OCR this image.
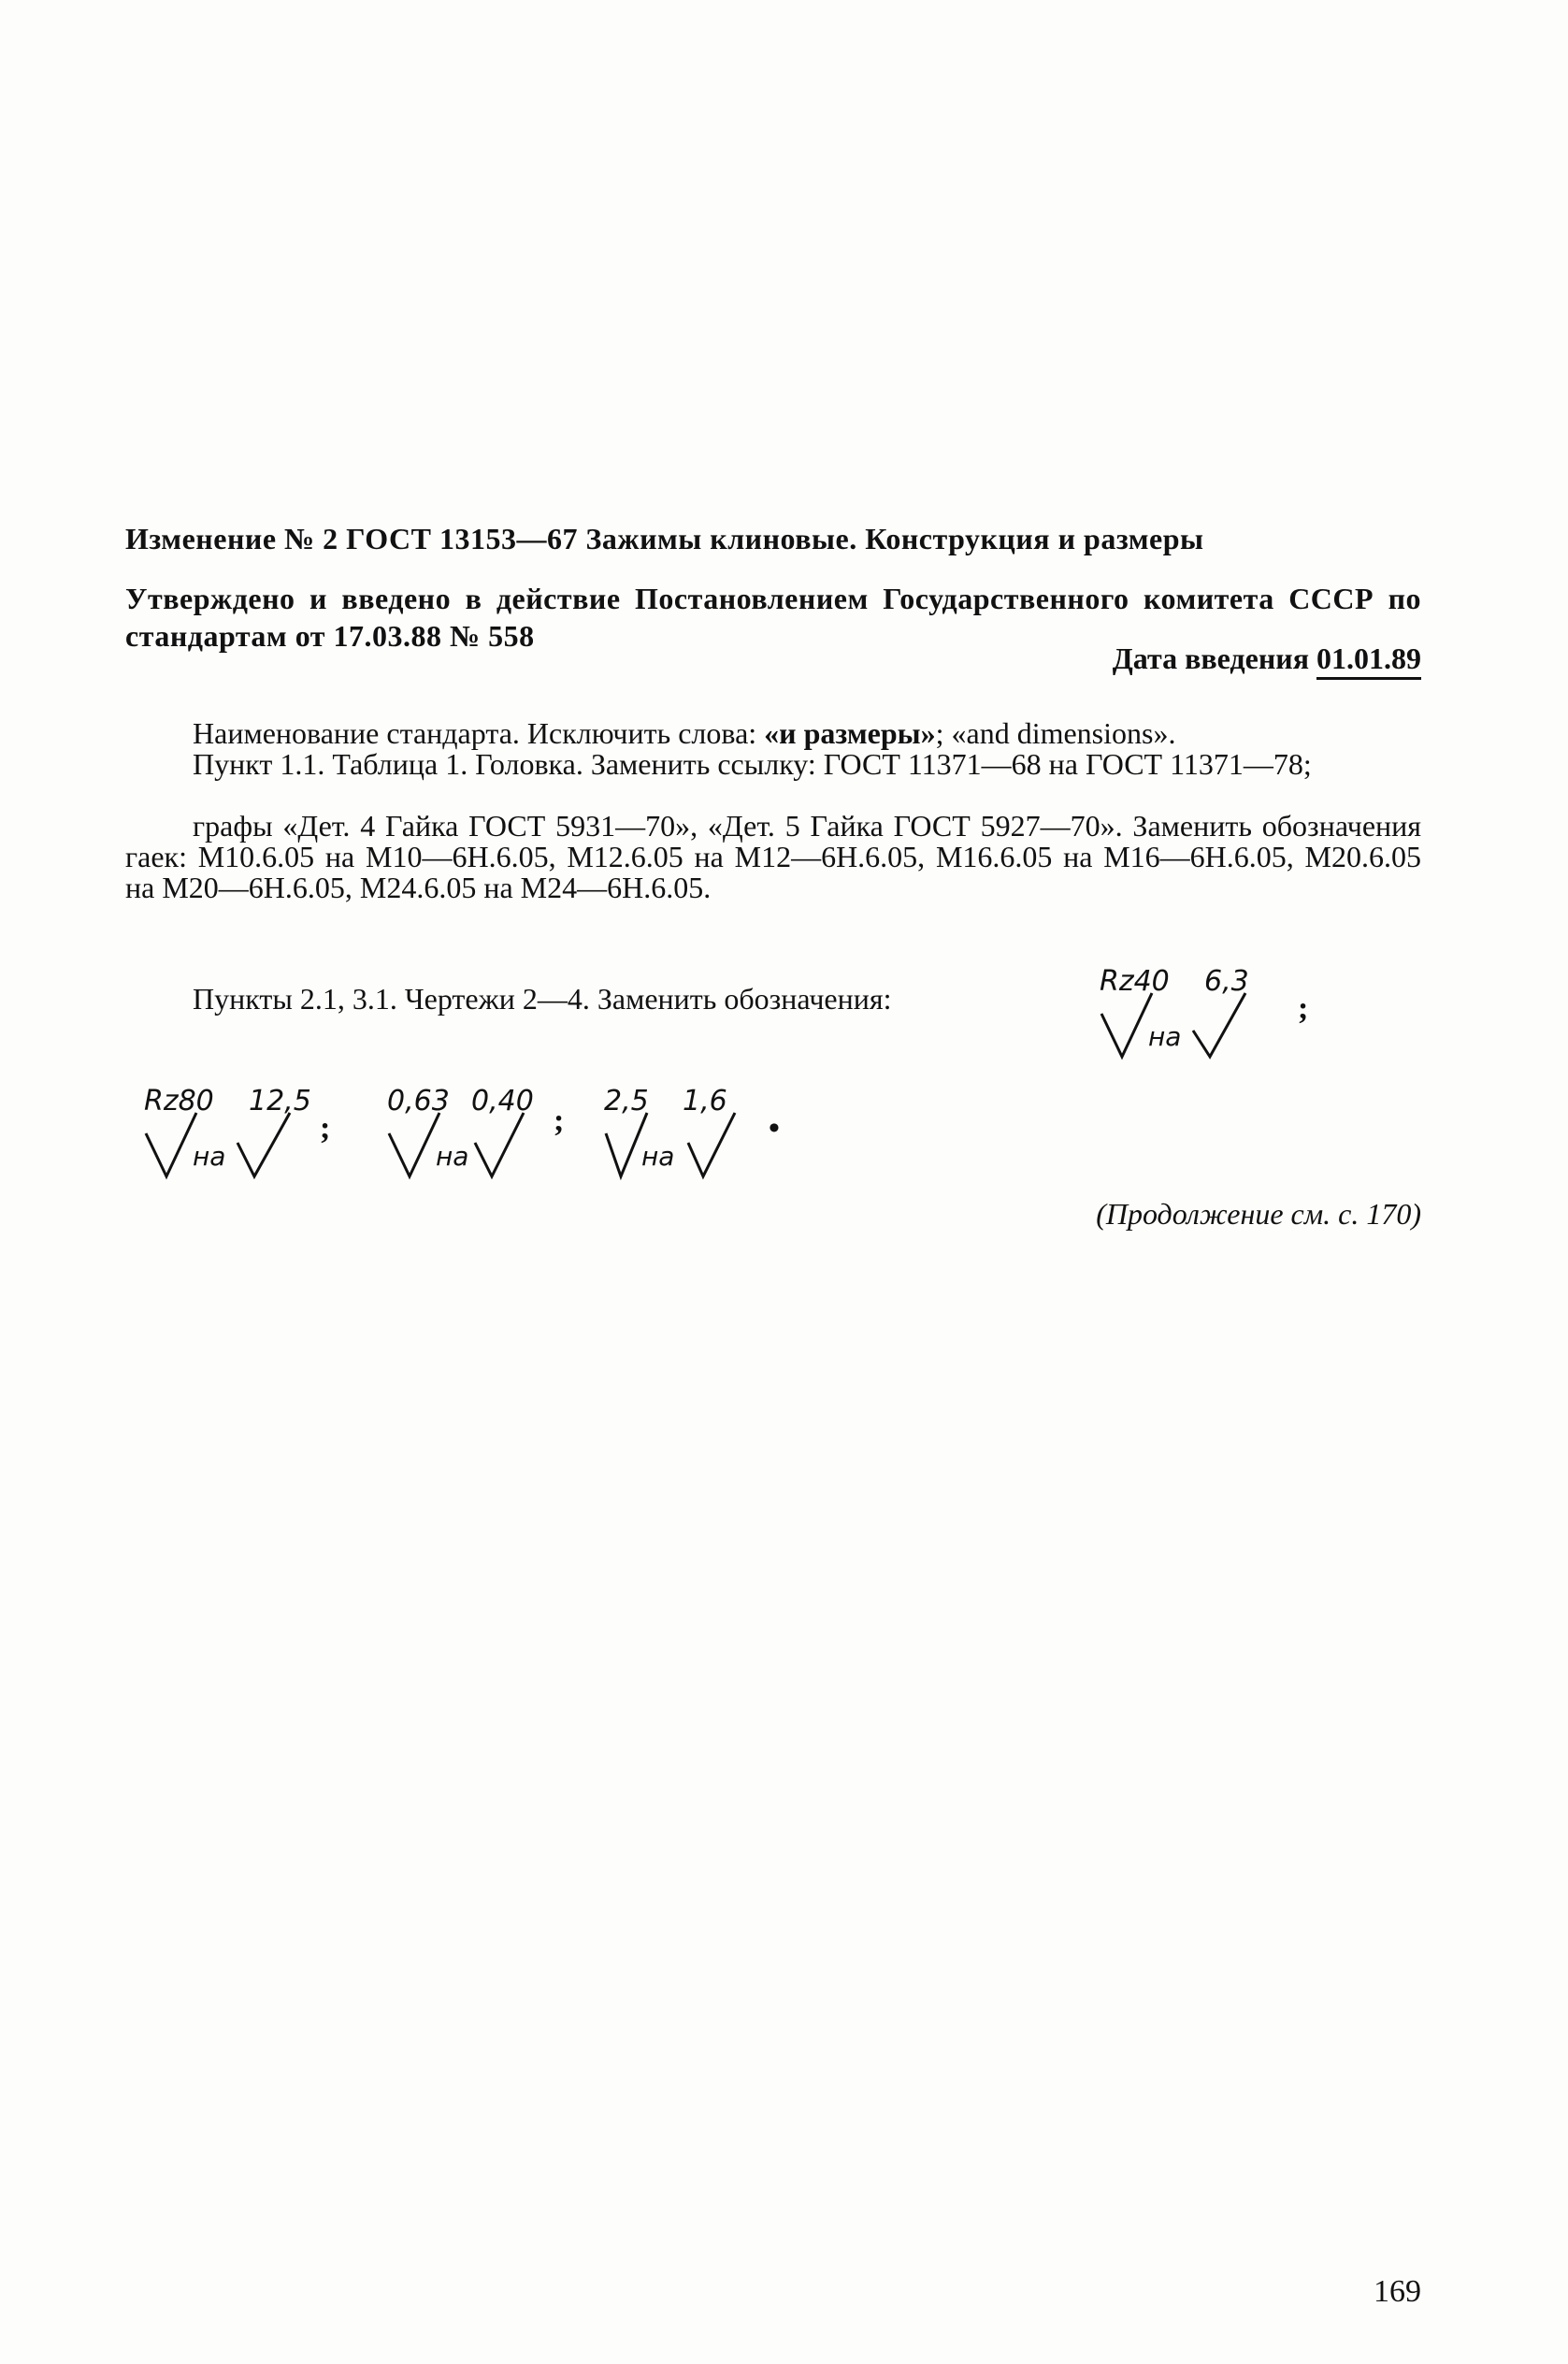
Изменение № 2 ГОСТ 13153—67 Зажимы клиновые. Конструкция и размеры

Утверждено и введено в действие Постановлением Государственного комитета СССР по стандартам от 17.03.88 № 558

Дата введения 01.01.89

Наименование стандарта. Исключить слова: «и размеры»; «and dimensions».

Пункт 1.1. Таблица 1. Головка. Заменить ссылку: ГОСТ 11371—68 на ГОСТ 11371—78;

графы «Дет. 4 Гайка ГОСТ 5931—70», «Дет. 5 Гайка ГОСТ 5927—70». Заменить обозначения гаек: М10.6.05 на М10—6Н.6.05, М12.6.05 на М12—6Н.6.05, М16.6.05 на М16—6Н.6.05, М20.6.05 на М20—6Н.6.05, М24.6.05 на М24—6Н.6.05.

Пункты 2.1, 3.1. Чертежи 2—4. Заменить обозначения:
Rz40 6,3
на
;
Rz80 12,5
на
;
0,63 0,40
на
;
2,5 1,6
на
•
(Продолжение см. с. 170)
169
